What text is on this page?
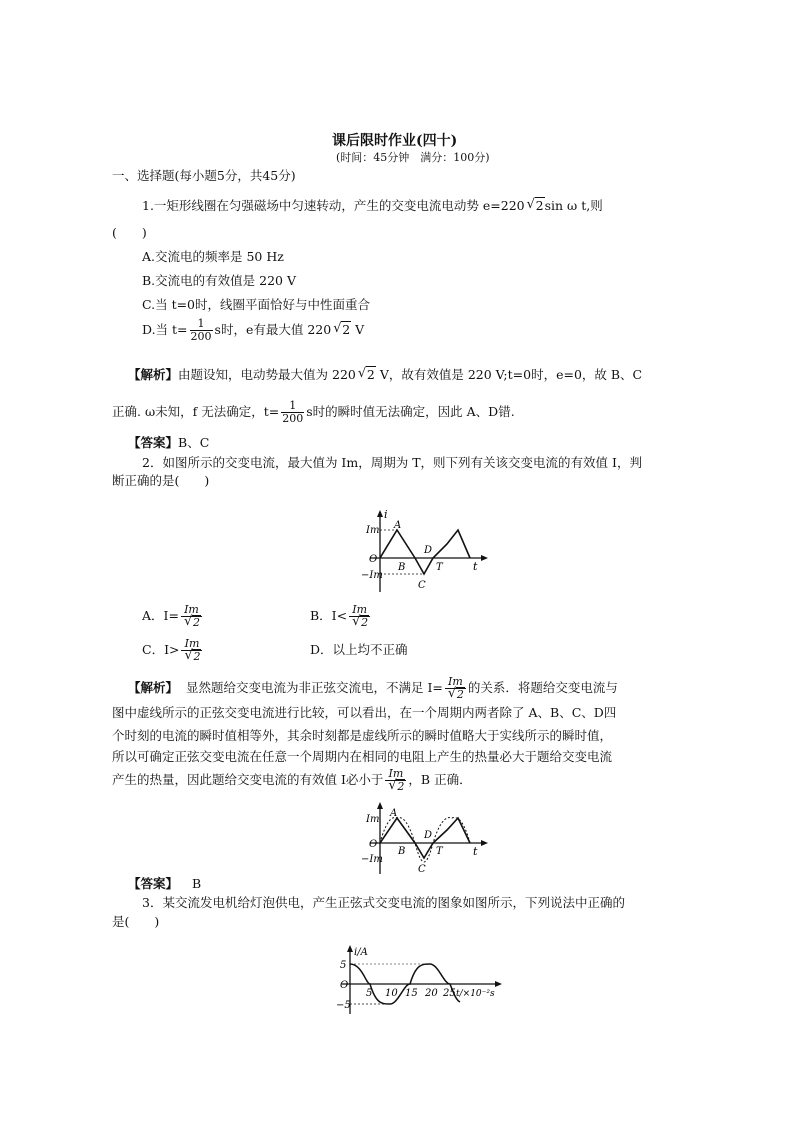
课后限时作业(四十)
(时间：45分钟　满分：100分)
一、选择题(每小题5分，共45分)
1.一矩形线圈在匀强磁场中匀速转动，产生的交变电流电动势 e=220 √ 2sin ω t,则
(　　)
A.交流电的频率是 50 Hz
B.交流电的有效值是 220 V
C.当 t=0时，线圈平面恰好与中性面重合
D.当 $t= \frac{1}{200}$ s时，e有最大值 220 √ 2 V
【解析】由题设知，电动势最大值为 220 √ 2 V，故有效值是 220 V;t=0时，e=0，故 B、C
正确. ω未知，f 无法确定，$t= \frac{1}{200}$ s时的瞬时值无法确定，因此 A、D错.
【答案】B、C
2．如图所示的交变电流，最大值为 Im，周期为 T，则下列有关该交变电流的有效值 I，判
断正确的是(　　)
i
t
Im
−Im
O
A
B
C
D
T
A．I= Im
√ 2	B．I< Im
√ 2
C．I> Im
√ 2	D．以上均不正确
【解析】 显然题给交变电流为非正弦交流电，不满足 I= Im
√ 2 的关系．将题给交变电流与
图中虚线所示的正弦交变电流进行比较，可以看出，在一个周期内两者除了 A、B、C、D四
个时刻的电流的瞬时值相等外，其余时刻都是虚线所示的瞬时值略大于实线所示的瞬时值，
所以可确定正弦交变电流在任意一个周期内在相同的电阻上产生的热量必大于题给交变电流
产生的热量，因此题给交变电流的有效值 I必小于 Im
√ 2 ，B 正确．
Im
−Im
O
A
B
C
D
T	t
【答案】 B
3．某交流发电机给灯泡供电，产生正弦式交变电流的图象如图所示，下列说法中正确的
是(　　)
i/A
5
−5
O
5 10 15 20 25 t/×10⁻²s
